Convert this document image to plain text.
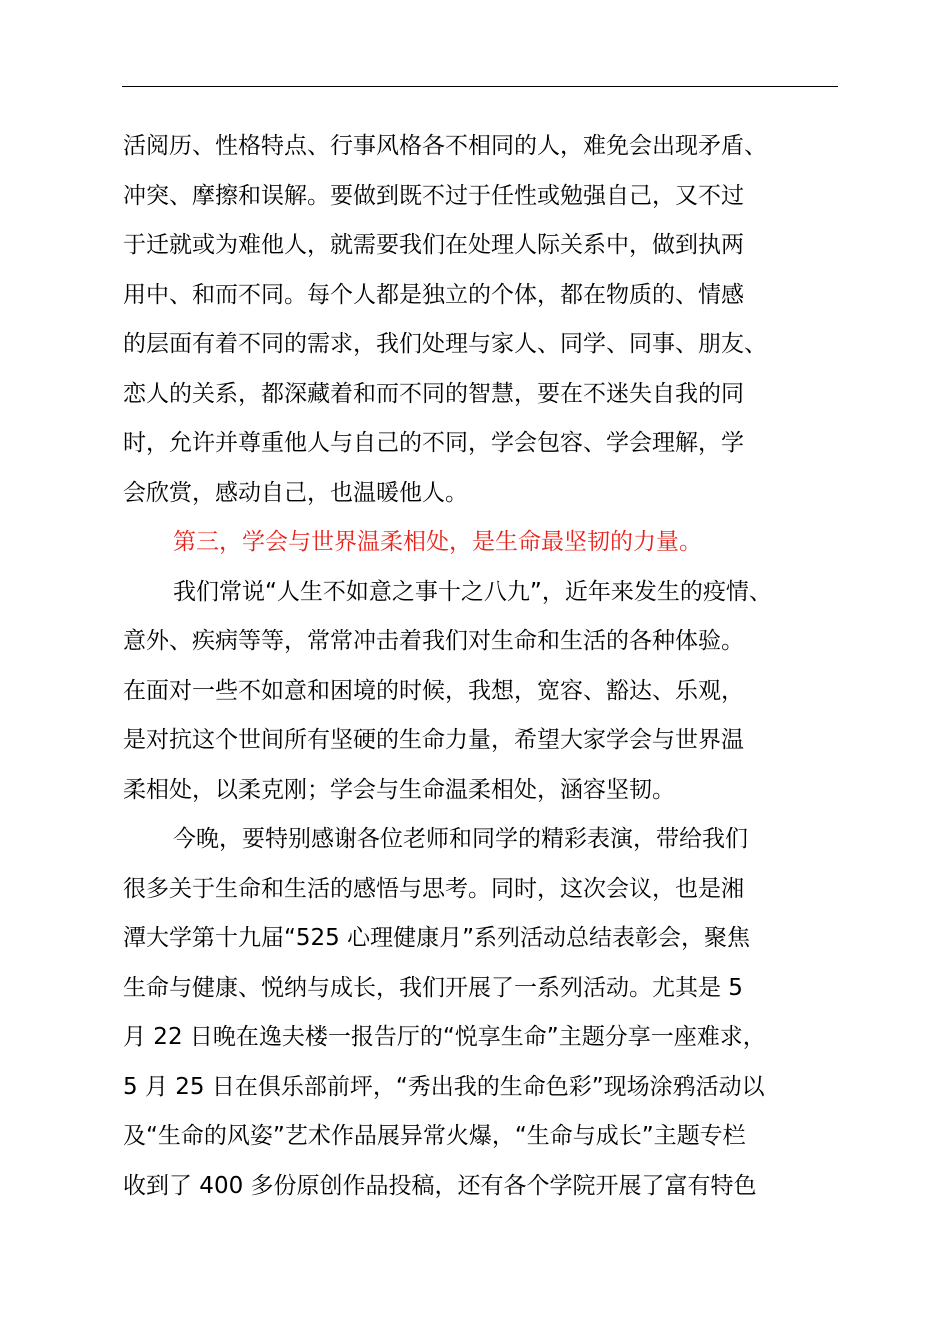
活阅历、性格特点、行事风格各不相同的人，难免会出现矛盾、
冲突、摩擦和误解。要做到既不过于任性或勉强自己，又不过
于迁就或为难他人，就需要我们在处理人际关系中，做到执两
用中、和而不同。每个人都是独立的个体，都在物质的、情感
的层面有着不同的需求，我们处理与家人、同学、同事、朋友、
恋人的关系，都深藏着和而不同的智慧，要在不迷失自我的同
时，允许并尊重他人与自己的不同，学会包容、学会理解，学
会欣赏，感动自己，也温暖他人。
第三，学会与世界温柔相处，是生命最坚韧的力量。
我们常说“人生不如意之事十之八九”，近年来发生的疫情、
意外、疾病等等，常常冲击着我们对生命和生活的各种体验。
在面对一些不如意和困境的时候，我想，宽容、豁达、乐观，
是对抗这个世间所有坚硬的生命力量，希望大家学会与世界温
柔相处，以柔克刚；学会与生命温柔相处，涵容坚韧。
今晚，要特别感谢各位老师和同学的精彩表演，带给我们
很多关于生命和生活的感悟与思考。同时，这次会议，也是湘
潭大学第十九届“525 心理健康月”系列活动总结表彰会，聚焦
生命与健康、悦纳与成长，我们开展了一系列活动。尤其是 5
月 22 日晚在逸夫楼一报告厅的“悦享生命”主题分享一座难求，
5 月 25 日在俱乐部前坪，“秀出我的生命色彩”现场涂鸦活动以
及“生命的风姿”艺术作品展异常火爆，“生命与成长”主题专栏
收到了 400 多份原创作品投稿，还有各个学院开展了富有特色
